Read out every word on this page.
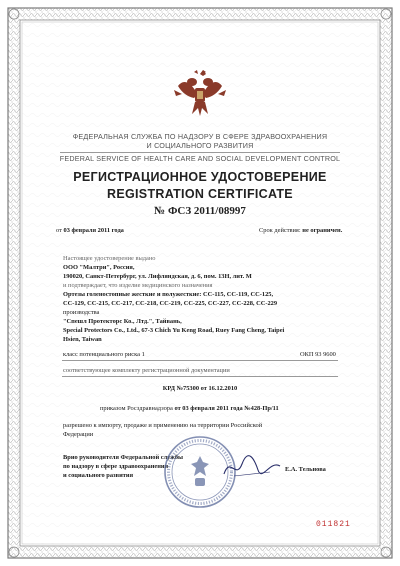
ФЕДЕРАЛЬНАЯ СЛУЖБА ПО НАДЗОРУ В СФЕРЕ ЗДРАВООХРАНЕНИЯ
И СОЦИАЛЬНОГО РАЗВИТИЯ
FEDERAL SERVICE OF HEALTH CARE AND SOCIAL DEVELOPMENT CONTROL
РЕГИСТРАЦИОННОЕ УДОСТОВЕРЕНИЕ
REGISTRATION CERTIFICATE
№ ФСЗ 2011/08997
от 03 февраля 2011 года	Срок действия: не ограничен.
Настоящее удостоверение выдано
ООО "Малтри", Россия,
190020, Санкт-Петербург, ул. Лифляндская, д. 6, пом. 13Н, лит. М
и подтверждает, что изделие медицинского назначения
Ортезы голеностопные жесткие и полужесткие: CC-115, CC-119, CC-125,
CC-129, CC-215, CC-217, CC-218, CC-219, CC-225, CC-227, CC-228, CC-229
производства
"Спешл Протекторс Ко., Лтд.", Тайвань,
Special Protectors Co., Ltd., 67-3 Chich Yu Keng Road, Ruey Fang Cheng, Taipei
Hsien, Taiwan
класс потенциального риска 1	ОКП 93 9600
соответствующее комплекту регистрационной документации
КРД №75300 от 16.12.2010
приказом Росздравнадзора от 03 февраля 2011 года №428-Пр/11
разрешено к импорту, продаже и применению на территории Российской
Федерации
Врио руководителя Федеральной службы
по надзору в сфере здравоохранения
и социального развития
Е.А. Тельнова
011821
